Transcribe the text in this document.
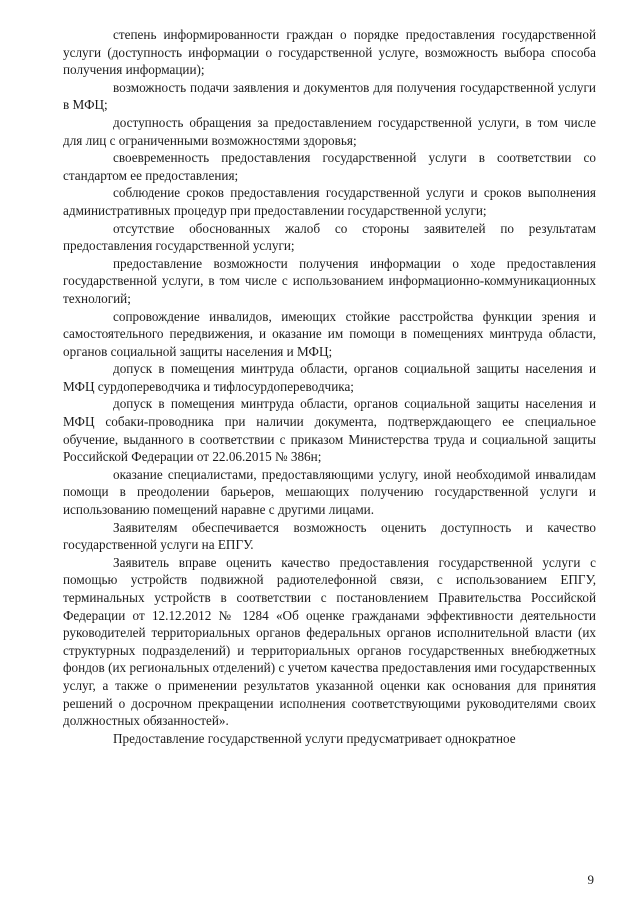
степень информированности граждан о порядке предоставления государственной услуги (доступность информации о государственной услуге, возможность выбора способа получения информации);

возможность подачи заявления и документов для получения государственной услуги в МФЦ;

доступность обращения за предоставлением государственной услуги, в том числе для лиц с ограниченными возможностями здоровья;

своевременность предоставления государственной услуги в соответствии со стандартом ее предоставления;

соблюдение сроков предоставления государственной услуги и сроков выполнения административных процедур при предоставлении государственной услуги;

отсутствие обоснованных жалоб со стороны заявителей по результатам предоставления государственной услуги;

предоставление возможности получения информации о ходе предоставления государственной услуги, в том числе с использованием информационно-коммуникационных технологий;

сопровождение инвалидов, имеющих стойкие расстройства функции зрения и самостоятельного передвижения, и оказание им помощи в помещениях минтруда области, органов социальной защиты населения и МФЦ;

допуск в помещения минтруда области, органов социальной защиты населения и МФЦ сурдопереводчика и тифлосурдопереводчика;

допуск в помещения минтруда области, органов социальной защиты населения и МФЦ собаки-проводника при наличии документа, подтверждающего ее специальное обучение, выданного в соответствии с приказом Министерства труда и социальной защиты Российской Федерации от 22.06.2015 № 386н;

оказание специалистами, предоставляющими услугу, иной необходимой инвалидам помощи в преодолении барьеров, мешающих получению государственной услуги и использованию помещений наравне с другими лицами.

Заявителям обеспечивается возможность оценить доступность и качество государственной услуги на ЕПГУ.

Заявитель вправе оценить качество предоставления государственной услуги с помощью устройств подвижной радиотелефонной связи, с использованием ЕПГУ, терминальных устройств в соответствии с постановлением Правительства Российской Федерации от 12.12.2012 № 1284 «Об оценке гражданами эффективности деятельности руководителей территориальных органов федеральных органов исполнительной власти (их структурных подразделений) и территориальных органов государственных внебюджетных фондов (их региональных отделений) с учетом качества предоставления ими государственных услуг, а также о применении результатов указанной оценки как основания для принятия решений о досрочном прекращении исполнения соответствующими руководителями своих должностных обязанностей».

Предоставление государственной услуги предусматривает однократное

9
